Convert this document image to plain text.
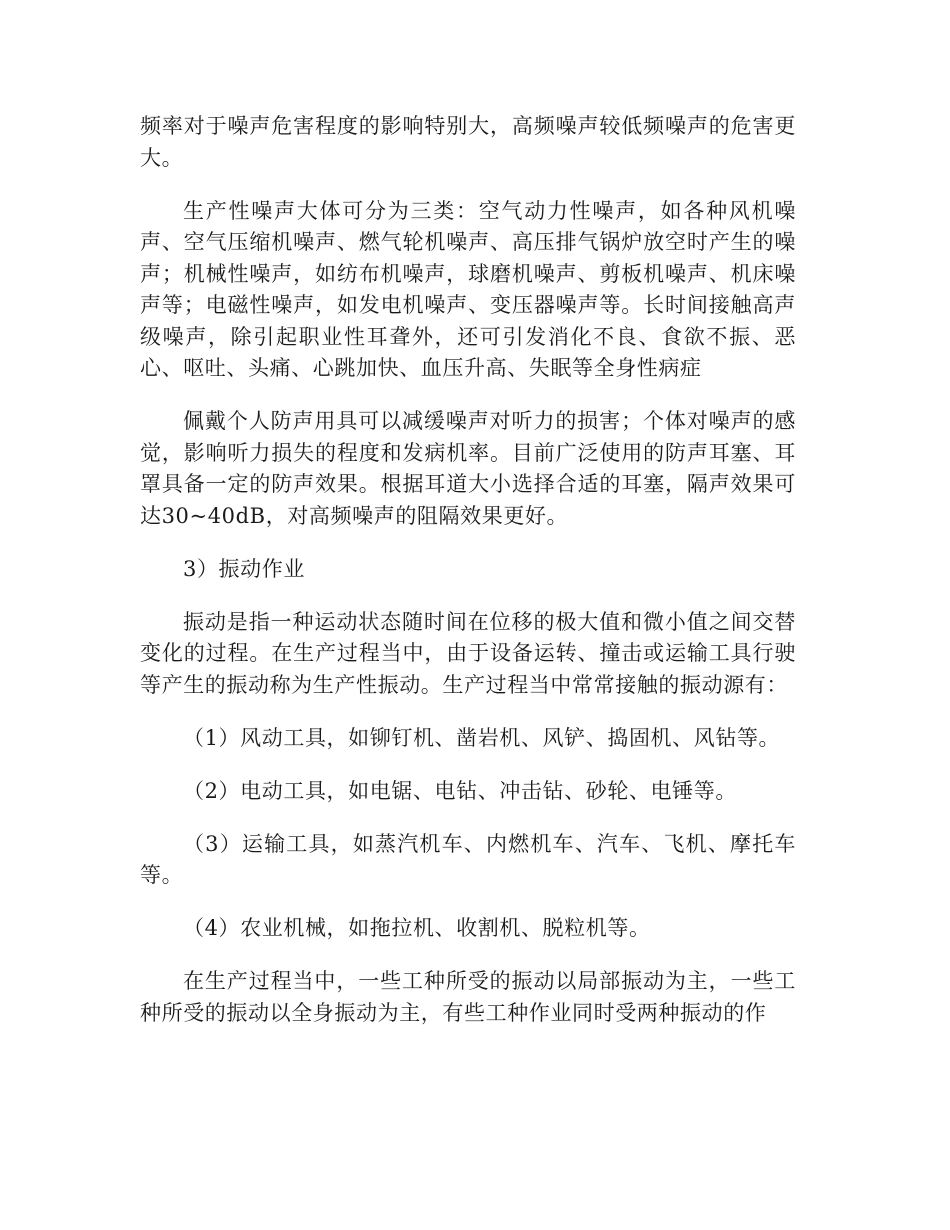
频率对于噪声危害程度的影响特别大，高频噪声较低频噪声的危害更大。

生产性噪声大体可分为三类：空气动力性噪声，如各种风机噪声、空气压缩机噪声、燃气轮机噪声、高压排气锅炉放空时产生的噪声；机械性噪声，如纺布机噪声，球磨机噪声、剪板机噪声、机床噪声等；电磁性噪声，如发电机噪声、变压器噪声等。长时间接触高声级噪声，除引起职业性耳聋外，还可引发消化不良、食欲不振、恶心、呕吐、头痛、心跳加快、血压升高、失眠等全身性病症

佩戴个人防声用具可以减缓噪声对听力的损害；个体对噪声的感觉，影响听力损失的程度和发病机率。目前广泛使用的防声耳塞、耳罩具备一定的防声效果。根据耳道大小选择合适的耳塞，隔声效果可达30~40dB，对高频噪声的阻隔效果更好。

3）振动作业

振动是指一种运动状态随时间在位移的极大值和微小值之间交替变化的过程。在生产过程当中，由于设备运转、撞击或运输工具行驶等产生的振动称为生产性振动。生产过程当中常常接触的振动源有：

（1）风动工具，如铆钉机、凿岩机、风铲、捣固机、风钻等。

（2）电动工具，如电锯、电钻、冲击钻、砂轮、电锤等。

（3）运输工具，如蒸汽机车、内燃机车、汽车、飞机、摩托车等。

（4）农业机械，如拖拉机、收割机、脱粒机等。

在生产过程当中，一些工种所受的振动以局部振动为主，一些工种所受的振动以全身振动为主，有些工种作业同时受两种振动的作
